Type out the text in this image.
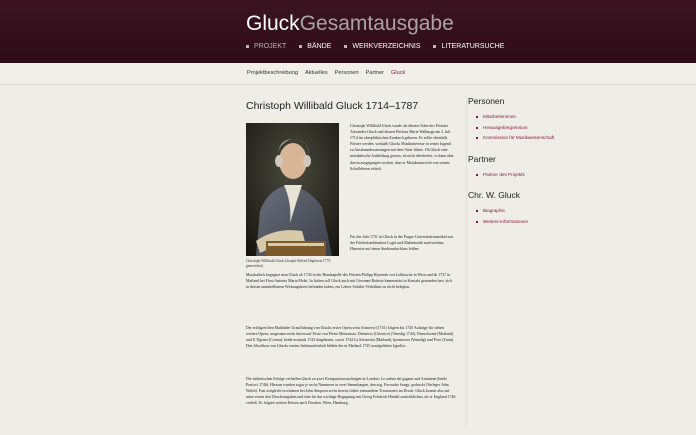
GluckGesamtausgabe
PROJEKT	BÄNDE	WERKVERZEICHNIS	LITERATURSUCHE
Projektbeschreibung Aktuelles Personen Partner Gluck
Christoph Willibald Gluck 1714–1787
Christoph Willibald Gluck (Joseph-Siffred Duplessis 1775; gemeinfrei)
Christoph Willibald Gluck wurde als ältester Sohn des Försters Alexander Gluck und dessen Ehefrau Maria Walburga am 2. Juli 1714 im oberpfälzischen Erasbach geboren. Er sollte ebenfalls Förster werden, weshalb Glucks Musikinteresse in seiner Jugend zu Auseinandersetzungen mit dem Vater führte. Ob Gluck eine musikalische Ausbildung genoss, ist nicht überliefert, es kann aber davon ausgegangen werden, dass er Musikunterricht von seinen Schullehrern erhielt.
Für das Jahr 1731 ist Gluck in der Prager Universitätsmatrikel mit der Fächerkombination Logik und Mathematik nachweisbar, Hinweise auf einen Studienabschluss fehlen.
Musikalisch begegnet man Gluck ab 1734 in der Hauskapelle des Fürsten Philipp Hyazinth von Lobkowitz in Wien und ab 1737 in Mailand bei Fürst Antonio Maria Melzi. In Italien soll Gluck auch mit Giovanni Battista Sammartini in Kontakt gestanden bzw. sich in dessen unmittelbarem Wirkungskreis befunden haben, ein Lehrer-Schüler-Verhältnis ist nicht belegbar.
Der erfolgreichen Mailänder Uraufführung von Glucks erster Opera seria Artaserse (1741) folgten bis 1745 Aufträge für sieben weitere Opern, insgesamt sechs davon auf Texte von Pietro Metastasio: Demetrio (Cleonice) (Venedig 1742), Demofoonte (Mailand) und Il Tigrane (Crema), beide erstmals 1743 dargeboten, sowie 1744 La Sofonisba (Mailand), Ipermestra (Venedig) und Poro (Turin). Den Abschluss von Glucks erstem Italienaufenthalt bildete der in Mailand 1745 uraufgeführte Ippolito.
Die italienischen Erfolge verhalfen Gluck zu zwei Kompositionsaufträgen in London: La caduta dei giganti und Artamene (beide Pasticci 1746). Hieraus wurden sogar je sechs Nummern in zwei Sammlungen, den sog. Favourite Songs, gedruckt (Verleger John Walsh). Fast zeitgleich erschienen bei John Simpson sechs bereits früher entstandene Triosonaten im Druck. Gluck konnte also auf seine ersten drei Druckausgaben und eine für ihn wichtige Begegnung mit Georg Friedrich Händel zurückblicken, als er England 1746 verließ. Es folgten weitere Reisen nach Dresden, Wien, Hamburg,
Personen
Mitarbeiterinnen
Herausgebergremium
Kommission für Musikwissenschaft
Partner
Partner des Projekts
Chr. W. Gluck
Biographie
Weitere Informationen
